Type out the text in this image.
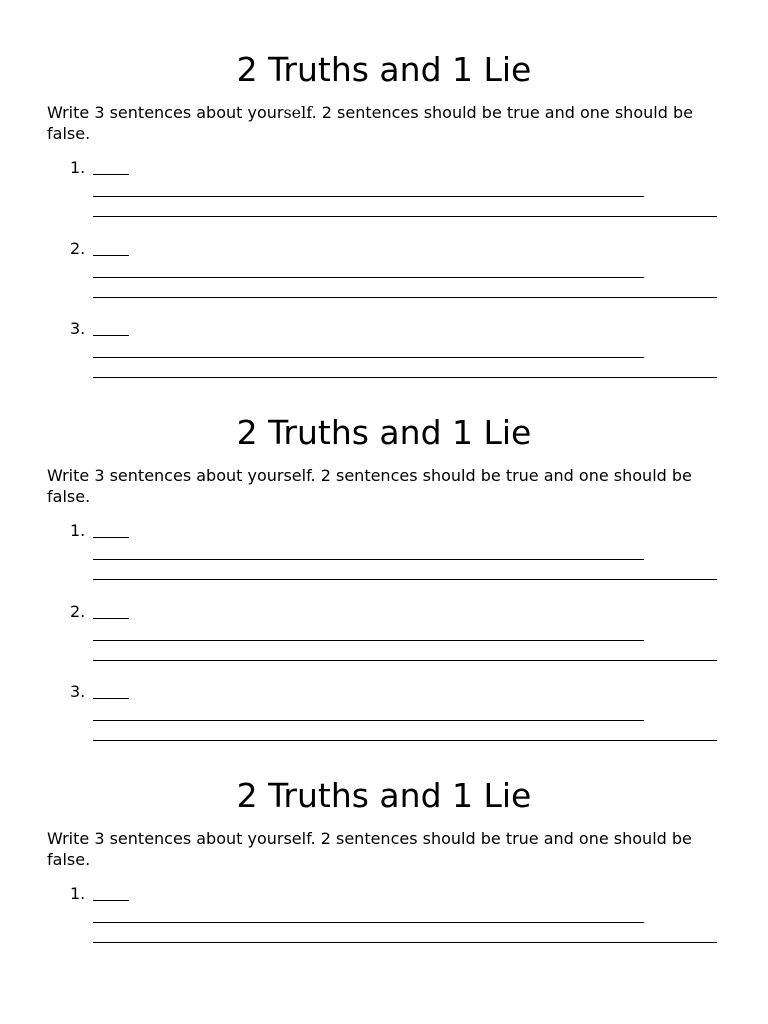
2 Truths and 1 Lie
Write 3 sentences about yourself. 2 sentences should be true and one should be false.
1.
2.
3.
2 Truths and 1 Lie
Write 3 sentences about yourself. 2 sentences should be true and one should be false.
1.
2.
3.
2 Truths and 1 Lie
Write 3 sentences about yourself. 2 sentences should be true and one should be false.
1.
